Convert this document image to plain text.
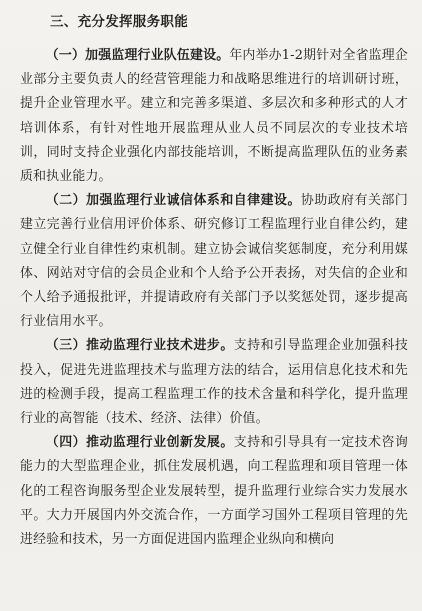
三、充分发挥服务职能

（一）加强监理行业队伍建设。年内举办1-2期针对全省监理企业部分主要负责人的经营管理能力和战略思维进行的培训研讨班，提升企业管理水平。建立和完善多渠道、多层次和多种形式的人才培训体系，有针对性地开展监理从业人员不同层次的专业技术培训，同时支持企业强化内部技能培训，不断提高监理队伍的业务素质和执业能力。

（二）加强监理行业诚信体系和自律建设。协助政府有关部门建立完善行业信用评价体系、研究修订工程监理行业自律公约，建立健全行业自律性约束机制。建立协会诚信奖惩制度，充分利用媒体、网站对守信的会员企业和个人给予公开表扬，对失信的企业和个人给予通报批评，并提请政府有关部门予以奖惩处罚，逐步提高行业信用水平。

（三）推动监理行业技术进步。支持和引导监理企业加强科技投入，促进先进监理技术与监理方法的结合，运用信息化技术和先进的检测手段，提高工程监理工作的技术含量和科学化，提升监理行业的高智能（技术、经济、法律）价值。

（四）推动监理行业创新发展。支持和引导具有一定技术咨询能力的大型监理企业，抓住发展机遇，向工程监理和项目管理一体化的工程咨询服务型企业发展转型，提升监理行业综合实力发展水平。大力开展国内外交流合作，一方面学习国外工程项目管理的先进经验和技术，另一方面促进国内监理企业纵向和横向
